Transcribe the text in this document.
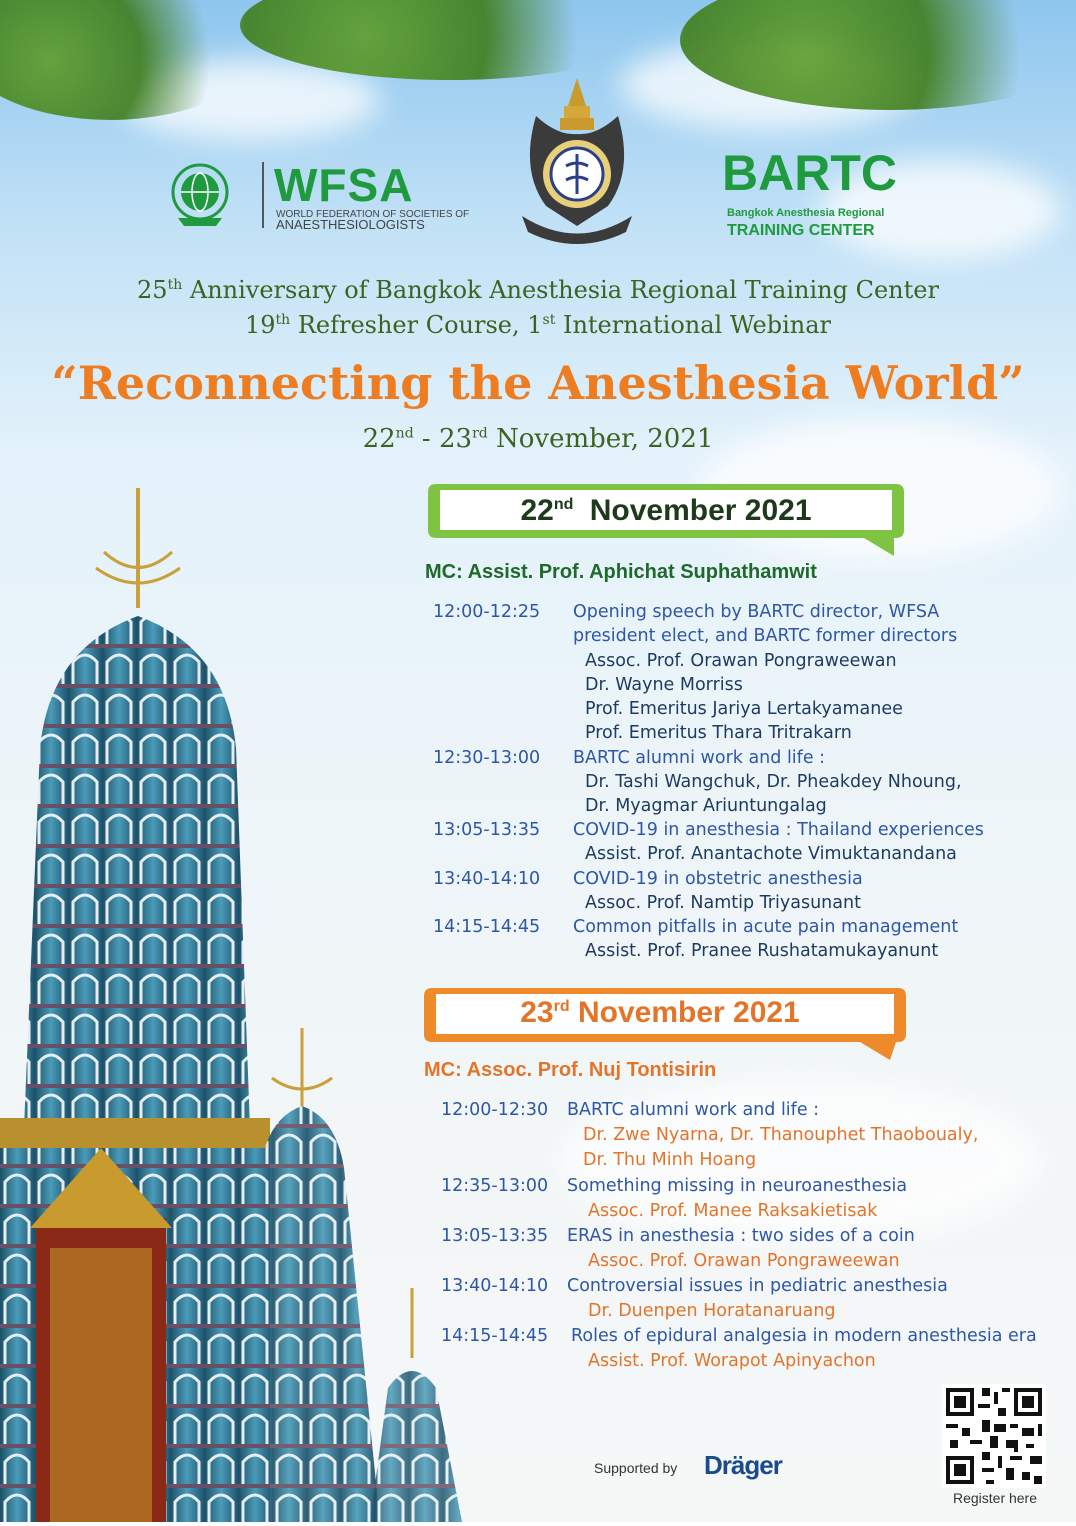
WFSA
WORLD FEDERATION OF SOCIETIES OF
ANAESTHESIOLOGISTS
BARTC
Bangkok Anesthesia Regional
TRAINING CENTER
25th Anniversary of Bangkok Anesthesia Regional Training Center
19th Refresher Course, 1st International Webinar
“Reconnecting the Anesthesia World”
22nd - 23rd November, 2021
22nd November 2021
MC: Assist. Prof. Aphichat Suphathamwit
12:00-12:25 Opening speech by BARTC director, WFSA
president elect, and BARTC former directors
Assoc. Prof. Orawan Pongraweewan
Dr. Wayne Morriss
Prof. Emeritus Jariya Lertakyamanee
Prof. Emeritus Thara Tritrakarn
12:30-13:00 BARTC alumni work and life :
Dr. Tashi Wangchuk, Dr. Pheakdey Nhoung,
Dr. Myagmar Ariuntungalag
13:05-13:35 COVID-19 in anesthesia : Thailand experiences
Assist. Prof. Anantachote Vimuktanandana
13:40-14:10 COVID-19 in obstetric anesthesia
Assoc. Prof. Namtip Triyasunant
14:15-14:45 Common pitfalls in acute pain management
Assist. Prof. Pranee Rushatamukayanunt
23rd November 2021
MC: Assoc. Prof. Nuj Tontisirin
12:00-12:30 BARTC alumni work and life :
Dr. Zwe Nyarna, Dr. Thanouphet Thaoboualy,
Dr. Thu Minh Hoang
12:35-13:00 Something missing in neuroanesthesia
Assoc. Prof. Manee Raksakietisak
13:05-13:35 ERAS in anesthesia : two sides of a coin
Assoc. Prof. Orawan Pongraweewan
13:40-14:10 Controversial issues in pediatric anesthesia
Dr. Duenpen Horatanaruang
14:15-14:45 Roles of epidural analgesia in modern anesthesia era
Assist. Prof. Worapot Apinyachon
Supported by Dräger
Register here
